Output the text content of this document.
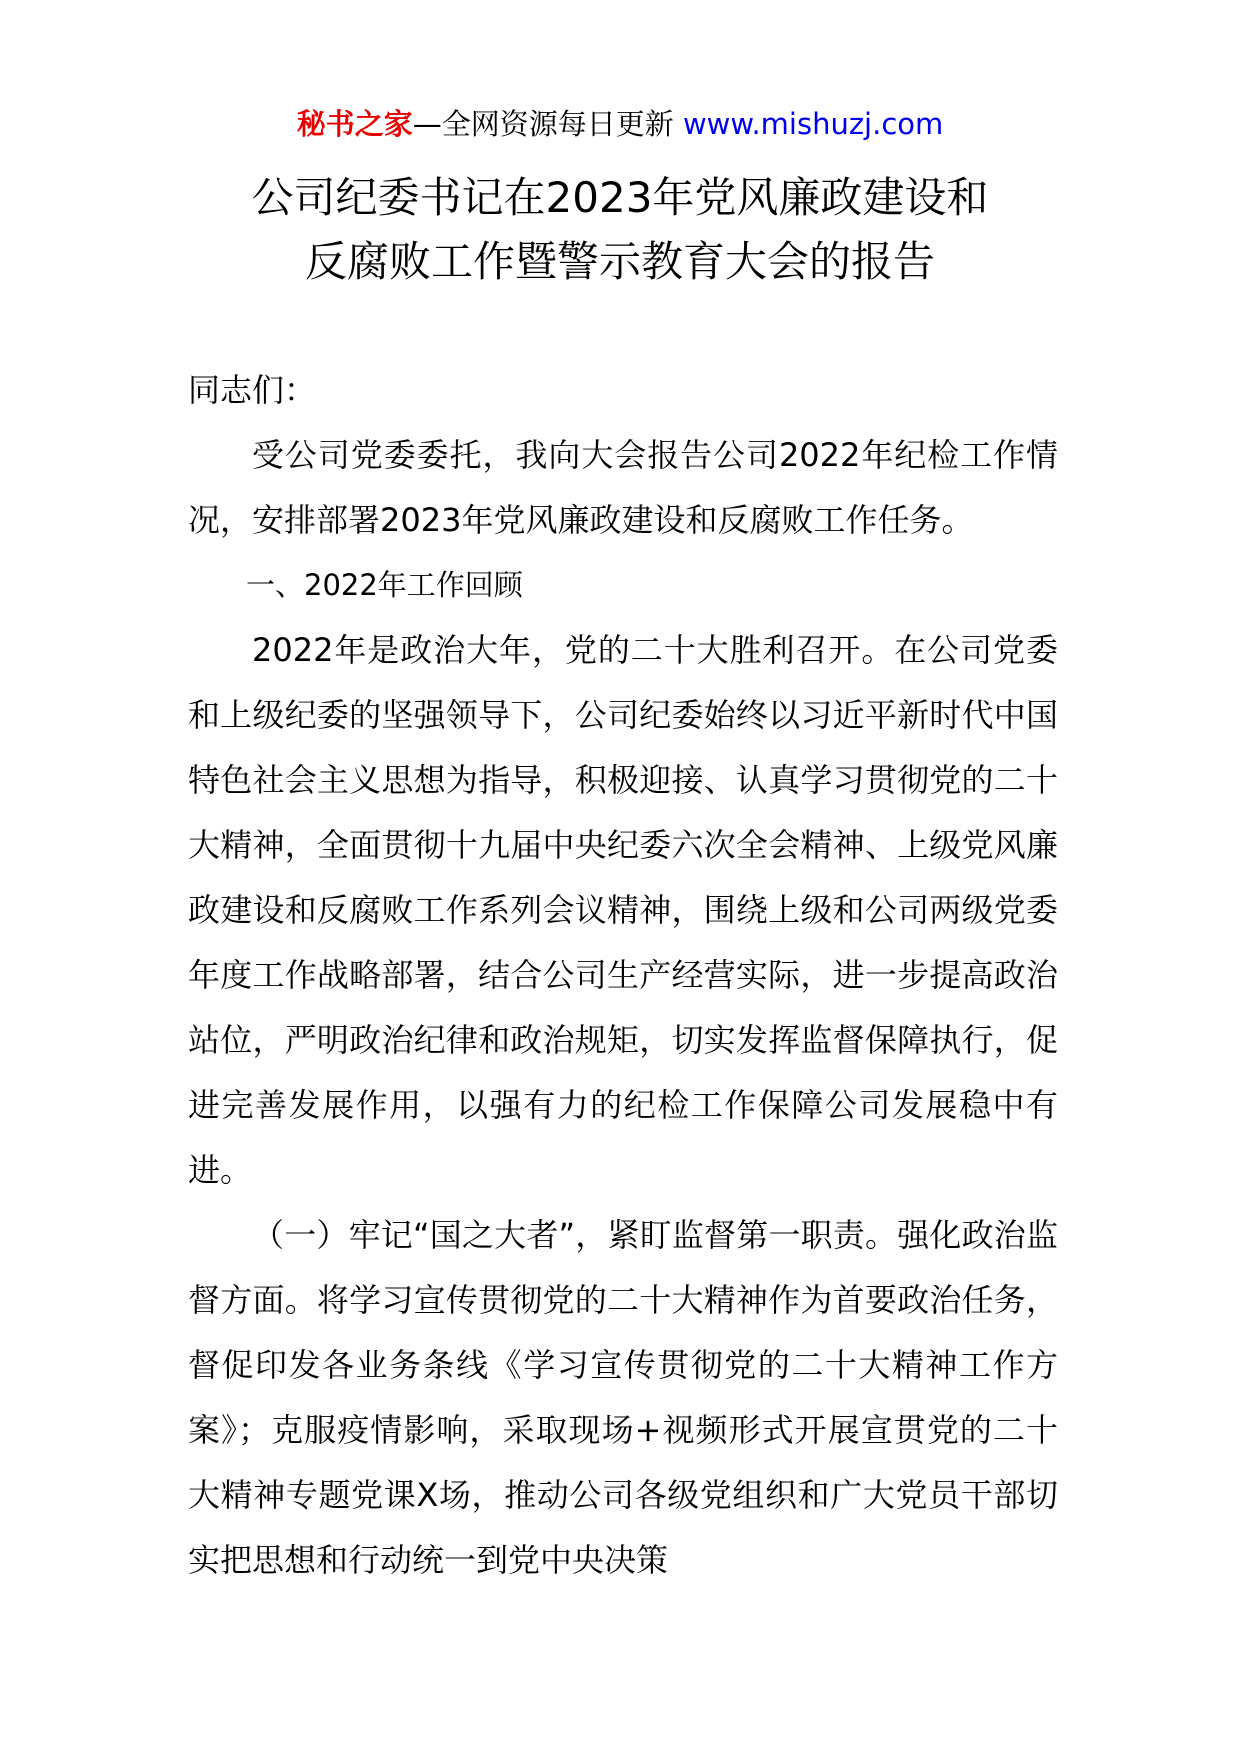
秘书之家—全网资源每日更新 www.mishuzj.com
公司纪委书记在2023年党风廉政建设和
反腐败工作暨警示教育大会的报告

同志们：

受公司党委委托，我向大会报告公司2022年纪检工作情况，安排部署2023年党风廉政建设和反腐败工作任务。

一、2022年工作回顾

2022年是政治大年，党的二十大胜利召开。在公司党委和上级纪委的坚强领导下，公司纪委始终以习近平新时代中国特色社会主义思想为指导，积极迎接、认真学习贯彻党的二十大精神，全面贯彻十九届中央纪委六次全会精神、上级党风廉政建设和反腐败工作系列会议精神，围绕上级和公司两级党委年度工作战略部署，结合公司生产经营实际，进一步提高政治站位，严明政治纪律和政治规矩，切实发挥监督保障执行，促进完善发展作用，以强有力的纪检工作保障公司发展稳中有进。

（一）牢记“国之大者”，紧盯监督第一职责。强化政治监督方面。将学习宣传贯彻党的二十大精神作为首要政治任务，督促印发各业务条线《学习宣传贯彻党的二十大精神工作方案》；克服疫情影响，采取现场+视频形式开展宣贯党的二十大精神专题党课X场，推动公司各级党组织和广大党员干部切实把思想和行动统一到党中央决策
